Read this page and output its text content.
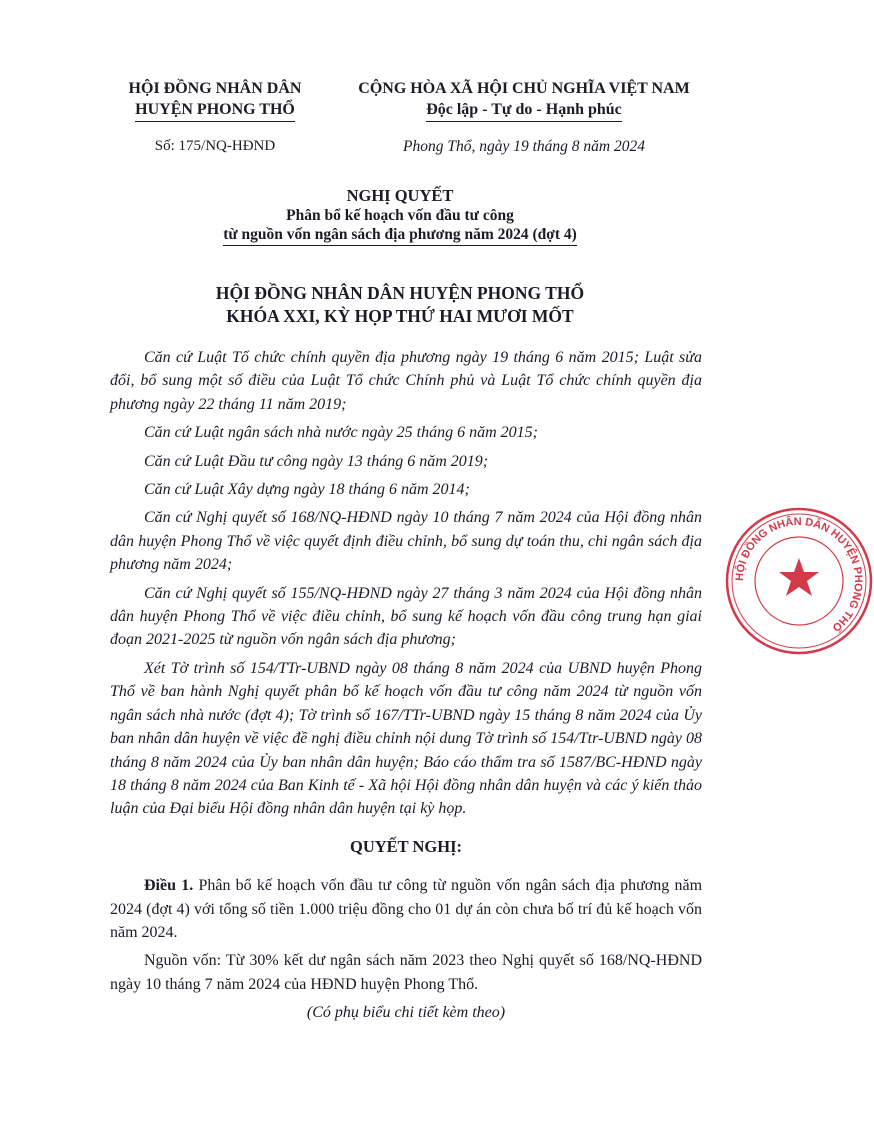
HỘI ĐỒNG NHÂN DÂN
HUYỆN PHONG THỔ
CỘNG HÒA XÃ HỘI CHỦ NGHĨA VIỆT NAM
Độc lập - Tự do - Hạnh phúc
Số: 175/NQ-HĐND	Phong Thổ, ngày 19 tháng 8 năm 2024
NGHỊ QUYẾT
Phân bổ kế hoạch vốn đầu tư công
từ nguồn vốn ngân sách địa phương năm 2024 (đợt 4)
HỘI ĐỒNG NHÂN DÂN HUYỆN PHONG THỔ
KHÓA XXI, KỲ HỌP THỨ HAI MƯƠI MỐT

Căn cứ Luật Tổ chức chính quyền địa phương ngày 19 tháng 6 năm 2015; Luật sửa đổi, bổ sung một số điều của Luật Tổ chức Chính phủ và Luật Tổ chức chính quyền địa phương ngày 22 tháng 11 năm 2019;

Căn cứ Luật ngân sách nhà nước ngày 25 tháng 6 năm 2015;

Căn cứ Luật Đầu tư công ngày 13 tháng 6 năm 2019;

Căn cứ Luật Xây dựng ngày 18 tháng 6 năm 2014;

Căn cứ Nghị quyết số 168/NQ-HĐND ngày 10 tháng 7 năm 2024 của Hội đồng nhân dân huyện Phong Thổ về việc quyết định điều chỉnh, bổ sung dự toán thu, chi ngân sách địa phương năm 2024;

Căn cứ Nghị quyết số 155/NQ-HĐND ngày 27 tháng 3 năm 2024 của Hội đồng nhân dân huyện Phong Thổ về việc điều chỉnh, bổ sung kế hoạch vốn đầu công trung hạn giai đoạn 2021-2025 từ nguồn vốn ngân sách địa phương;

Xét Tờ trình số 154/TTr-UBND ngày 08 tháng 8 năm 2024 của UBND huyện Phong Thổ về ban hành Nghị quyết phân bổ kế hoạch vốn đầu tư công năm 2024 từ nguồn vốn ngân sách nhà nước (đợt 4); Tờ trình số 167/TTr-UBND ngày 15 tháng 8 năm 2024 của Ủy ban nhân dân huyện về việc đề nghị điều chỉnh nội dung Tờ trình số 154/Ttr-UBND ngày 08 tháng 8 năm 2024 của Ủy ban nhân dân huyện; Báo cáo thẩm tra số 1587/BC-HĐND ngày 18 tháng 8 năm 2024 của Ban Kinh tế - Xã hội Hội đồng nhân dân huyện và các ý kiến thảo luận của Đại biểu Hội đồng nhân dân huyện tại kỳ họp.

QUYẾT NGHỊ:

Điều 1. Phân bổ kế hoạch vốn đầu tư công từ nguồn vốn ngân sách địa phương năm 2024 (đợt 4) với tổng số tiền 1.000 triệu đồng cho 01 dự án còn chưa bố trí đủ kế hoạch vốn năm 2024.

Nguồn vốn: Từ 30% kết dư ngân sách năm 2023 theo Nghị quyết số 168/NQ-HĐND ngày 10 tháng 7 năm 2024 của HĐND huyện Phong Thổ.

(Có phụ biểu chi tiết kèm theo)
HỘI ĐỒNG NHÂN DÂN HUYỆN PHONG THỔ
